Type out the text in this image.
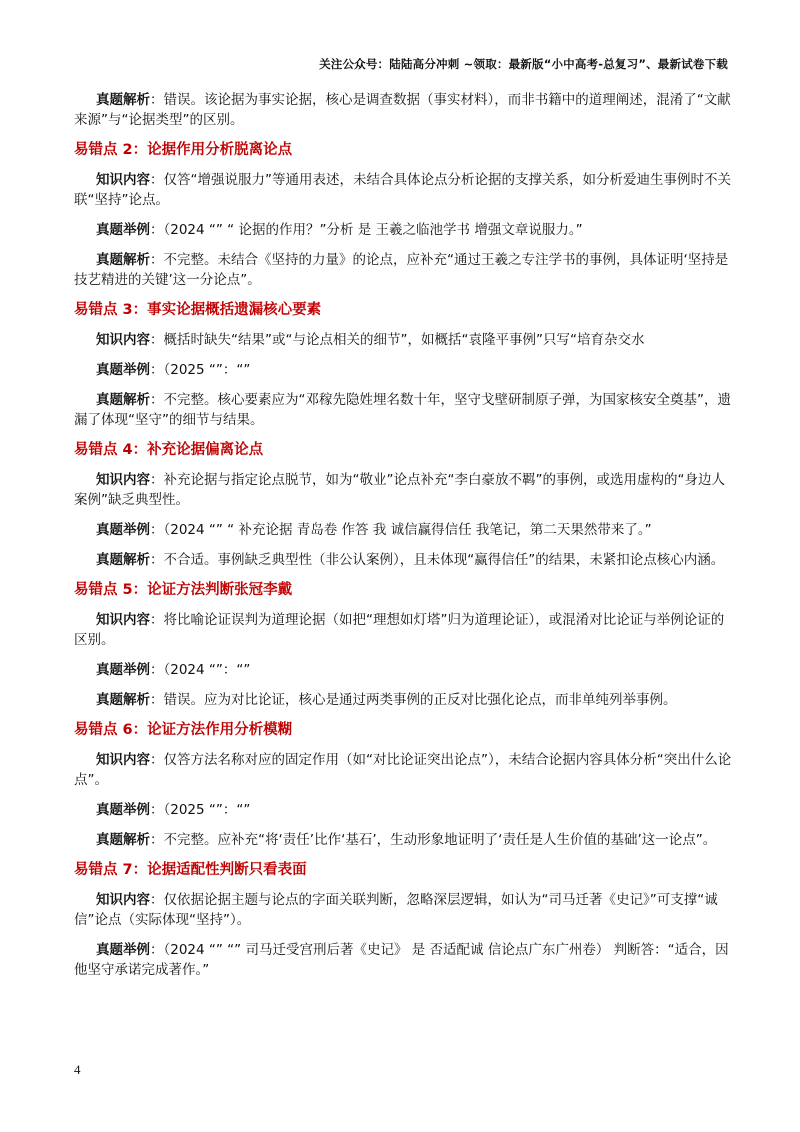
关注公众号：陆陆高分冲刺 ~领取：最新版“小中高考-总复习”、最新试卷下载

真题解析：错误。该论据为事实论据，核心是调查数据（事实材料），而非书籍中的道理阐述，混淆了“文献来源”与“论据类型”的区别。

易错点 2：论据作用分析脱离论点

知识内容：仅答“增强说服力”等通用表述，未结合具体论点分析论据的支撑关系，如分析爱迪生事例时不关联“坚持”论点。

真题举例：（2024 “” “ 论据的作用？”分析 是 王羲之临池学书 增强文章说服力。”

真题解析：不完整。未结合《坚持的力量》的论点，应补充“通过王羲之专注学书的事例，具体证明‘坚持是技艺精进的关键’这一分论点”。

易错点 3：事实论据概括遗漏核心要素

知识内容：概括时缺失“结果”或“与论点相关的细节”，如概括“袁隆平事例”只写“培育杂交水

真题举例：（2025 “”：“”

真题解析：不完整。核心要素应为“邓稼先隐姓埋名数十年，坚守戈壁研制原子弹，为国家核安全奠基”，遗漏了体现“坚守”的细节与结果。

易错点 4：补充论据偏离论点

知识内容：补充论据与指定论点脱节，如为“敬业”论点补充“李白豪放不羁”的事例，或选用虚构的“身边人案例”缺乏典型性。

真题举例：（2024 “” “ 补充论据 青岛卷 作答 我 诚信赢得信任 我笔记，第二天果然带来了。”

真题解析：不合适。事例缺乏典型性（非公认案例），且未体现“赢得信任”的结果，未紧扣论点核心内涵。

易错点 5：论证方法判断张冠李戴

知识内容：将比喻论证误判为道理论据（如把“理想如灯塔”归为道理论证），或混淆对比论证与举例论证的区别。

真题举例：（2024 “”：“”

真题解析：错误。应为对比论证，核心是通过两类事例的正反对比强化论点，而非单纯列举事例。

易错点 6：论证方法作用分析模糊

知识内容：仅答方法名称对应的固定作用（如“对比论证突出论点”），未结合论据内容具体分析“突出什么论点”。

真题举例：（2025 “”：“”

真题解析：不完整。应补充“将‘责任’比作‘基石’，生动形象地证明了‘责任是人生价值的基础’这一论点”。

易错点 7：论据适配性判断只看表面

知识内容：仅依据论据主题与论点的字面关联判断，忽略深层逻辑，如认为“司马迁著《史记》”可支撑“诚信”论点（实际体现“坚持”）。

真题举例：（2024 “” “” 司马迁受宫刑后著《史记》 是 否适配诚 信论点广东广州卷） 判断答：“适合，因他坚守承诺完成著作。”

4
